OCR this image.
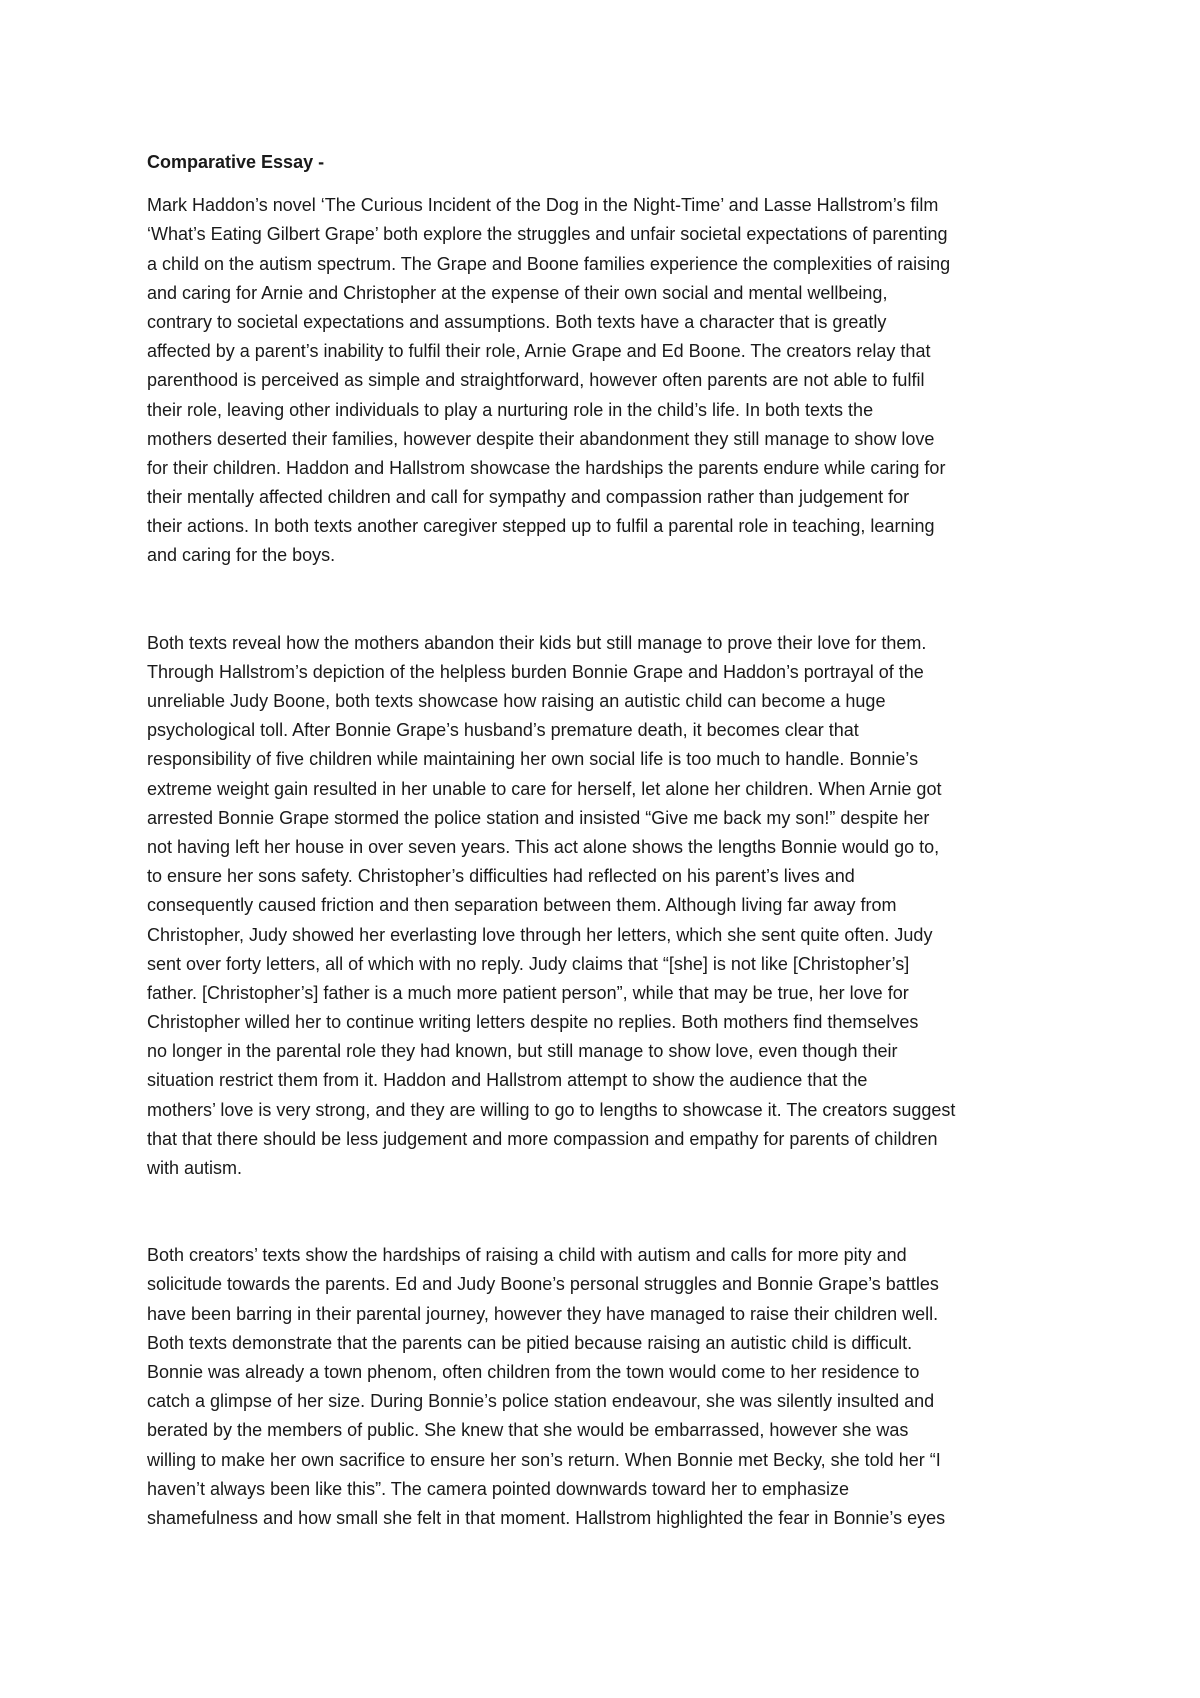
Comparative Essay -
Mark Haddon’s novel ‘The Curious Incident of the Dog in the Night-Time’ and Lasse Hallstrom’s film
‘What’s Eating Gilbert Grape’ both explore the struggles and unfair societal expectations of parenting
a child on the autism spectrum. The Grape and Boone families experience the complexities of raising
and caring for Arnie and Christopher at the expense of their own social and mental wellbeing,
contrary to societal expectations and assumptions. Both texts have a character that is greatly
affected by a parent’s inability to fulfil their role, Arnie Grape and Ed Boone. The creators relay that
parenthood is perceived as simple and straightforward, however often parents are not able to fulfil
their role, leaving other individuals to play a nurturing role in the child’s life. In both texts the
mothers deserted their families, however despite their abandonment they still manage to show love
for their children. Haddon and Hallstrom showcase the hardships the parents endure while caring for
their mentally affected children and call for sympathy and compassion rather than judgement for
their actions. In both texts another caregiver stepped up to fulfil a parental role in teaching, learning
and caring for the boys.
Both texts reveal how the mothers abandon their kids but still manage to prove their love for them.
Through Hallstrom’s depiction of the helpless burden Bonnie Grape and Haddon’s portrayal of the
unreliable Judy Boone, both texts showcase how raising an autistic child can become a huge
psychological toll. After Bonnie Grape’s husband’s premature death, it becomes clear that
responsibility of five children while maintaining her own social life is too much to handle. Bonnie’s
extreme weight gain resulted in her unable to care for herself, let alone her children. When Arnie got
arrested Bonnie Grape stormed the police station and insisted “Give me back my son!” despite her
not having left her house in over seven years. This act alone shows the lengths Bonnie would go to,
to ensure her sons safety. Christopher’s difficulties had reflected on his parent’s lives and
consequently caused friction and then separation between them. Although living far away from
Christopher, Judy showed her everlasting love through her letters, which she sent quite often. Judy
sent over forty letters, all of which with no reply. Judy claims that “[she] is not like [Christopher’s]
father. [Christopher’s] father is a much more patient person”, while that may be true, her love for
Christopher willed her to continue writing letters despite no replies. Both mothers find themselves
no longer in the parental role they had known, but still manage to show love, even though their
situation restrict them from it. Haddon and Hallstrom attempt to show the audience that the
mothers’ love is very strong, and they are willing to go to lengths to showcase it. The creators suggest
that that there should be less judgement and more compassion and empathy for parents of children
with autism.
Both creators’ texts show the hardships of raising a child with autism and calls for more pity and
solicitude towards the parents. Ed and Judy Boone’s personal struggles and Bonnie Grape’s battles
have been barring in their parental journey, however they have managed to raise their children well.
Both texts demonstrate that the parents can be pitied because raising an autistic child is difficult.
Bonnie was already a town phenom, often children from the town would come to her residence to
catch a glimpse of her size. During Bonnie’s police station endeavour, she was silently insulted and
berated by the members of public. She knew that she would be embarrassed, however she was
willing to make her own sacrifice to ensure her son’s return. When Bonnie met Becky, she told her “I
haven’t always been like this”. The camera pointed downwards toward her to emphasize
shamefulness and how small she felt in that moment. Hallstrom highlighted the fear in Bonnie’s eyes
